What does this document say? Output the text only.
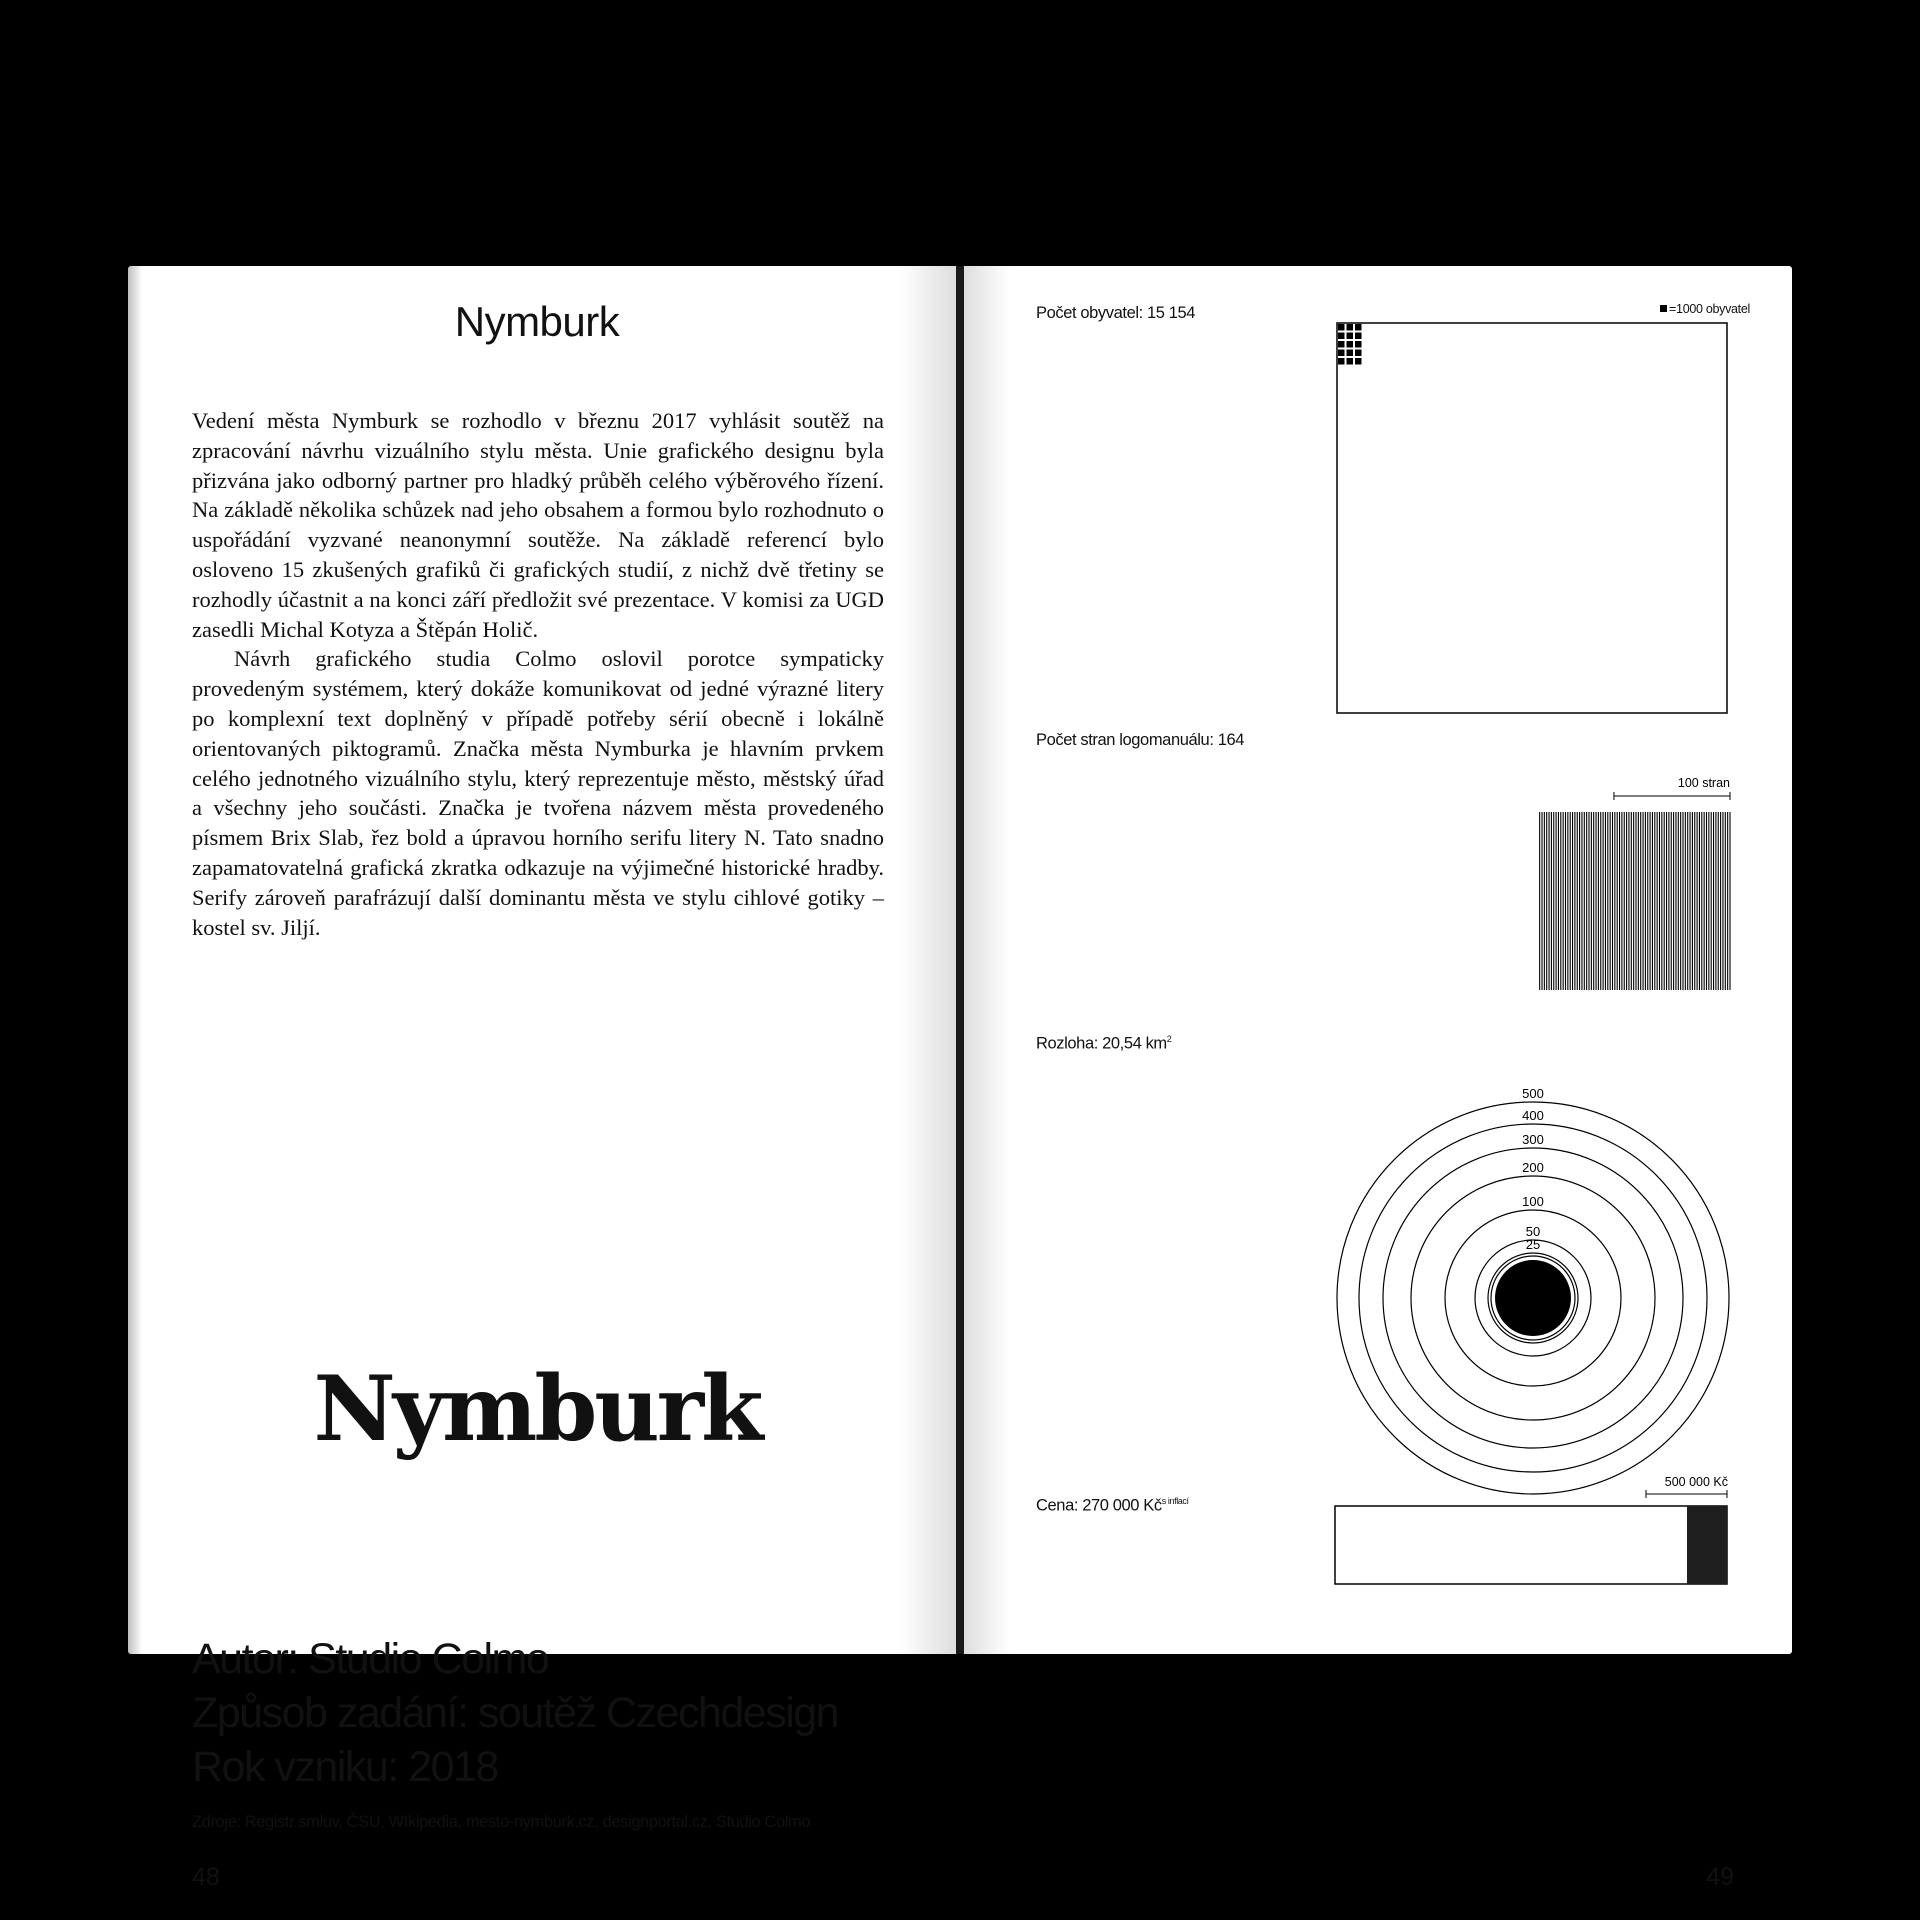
Nymburk

Vedení města Nymburk se rozhodlo v březnu 2017 vyhlásit soutěž na zpracování návrhu vizuálního stylu města. Unie grafického designu byla přizvána jako odborný partner pro hladký průběh celého výběrového řízení. Na základě několika schůzek nad jeho obsahem a formou bylo rozhodnuto o uspořádání vyzvané neanonymní soutěže. Na základě referencí bylo osloveno 15 zkušených grafiků či grafických studií, z nichž dvě třetiny se rozhodly účastnit a na konci září předložit své prezentace. V komisi za UGD zasedli Michal Kotyza a Štěpán Holič.

Návrh grafického studia Colmo oslovil porotce sympaticky provedeným systémem, který dokáže komunikovat od jedné výrazné litery po komplexní text doplněný v případě potřeby sérií obecně i lokálně orientovaných piktogramů. Značka města Nymburka je hlavním prvkem celého jednotného vizuálního stylu, který reprezentuje město, městský úřad a všechny jeho součásti. Značka je tvořena názvem města provedeného písmem Brix Slab, řez bold a úpravou horního serifu litery N. Tato snadno zapamatovatelná grafická zkratka odkazuje na výjimečné historické hradby. Serify zároveň parafrázují další dominantu města ve stylu cihlové gotiky – kostel sv. Jiljí.

Nymburk
Autor: Studio Colmo
Způsob zadání: soutěž Czechdesign
Rok vzniku: 2018
Zdroje: Registr smluv, ČSU, WIkipedia, mesto-nymburk.cz, designportal.cz, Studio Colmo
48
Počet obyvatel: 15 154	=1000 obyvatel
Počet stran logomanuálu: 164
100 stran
Rozloha: 20,54 $km^2$
500
400
300
200
100
50
25
Cena: 270 000 $Kč^{s inflací}$
500 000 Kč
49
